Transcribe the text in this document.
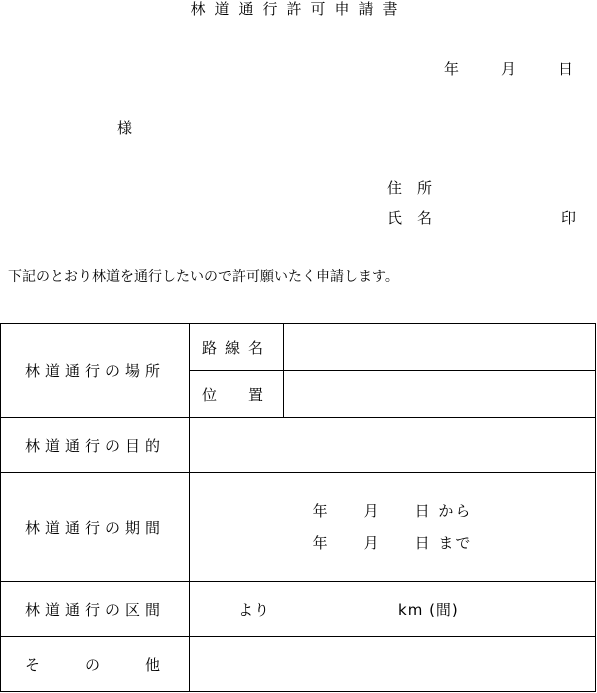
林道通行許可申請書
年　　月　　日
様
住　所
氏　名	印
下記のとおり林道を通行したいので許可願いたく申請します。
林道通行の場所	路線名	
	位　置	
林道通行の目的		
林道通行の期間	年　　月　　日 から
年　　月　　日 まで	

林道通行の区間	より　　　　　　　　km (間)	
そ　　の　　他		
